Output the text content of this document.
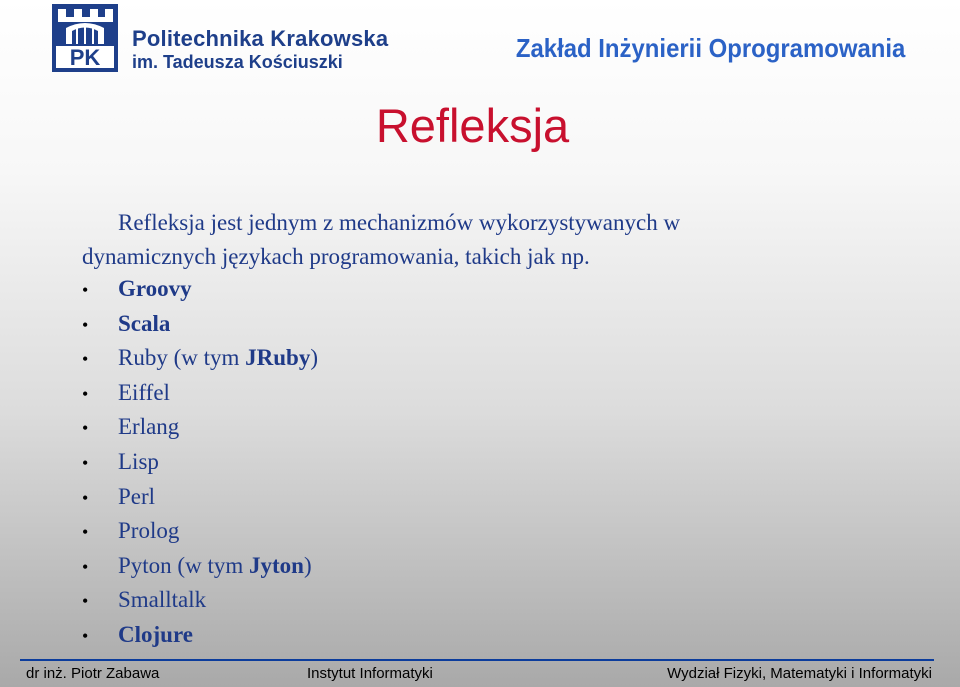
PK
Politechnika Krakowska
im. Tadeusza Kościuszki	Zakład Inżynierii Oprogramowania
Refleksja

Refleksja jest jednym z mechanizmów wykorzystywanych w dynamicznych językach programowania, takich jak np.

• Groovy
• Scala
• Ruby (w tym JRuby)
• Eiffel
• Erlang
• Lisp
• Perl
• Prolog
• Pyton (w tym Jyton)
• Smalltalk
• Clojure
dr inż. Piotr Zabawa	Instytut Informatyki	Wydział Fizyki, Matematyki i Informatyki
